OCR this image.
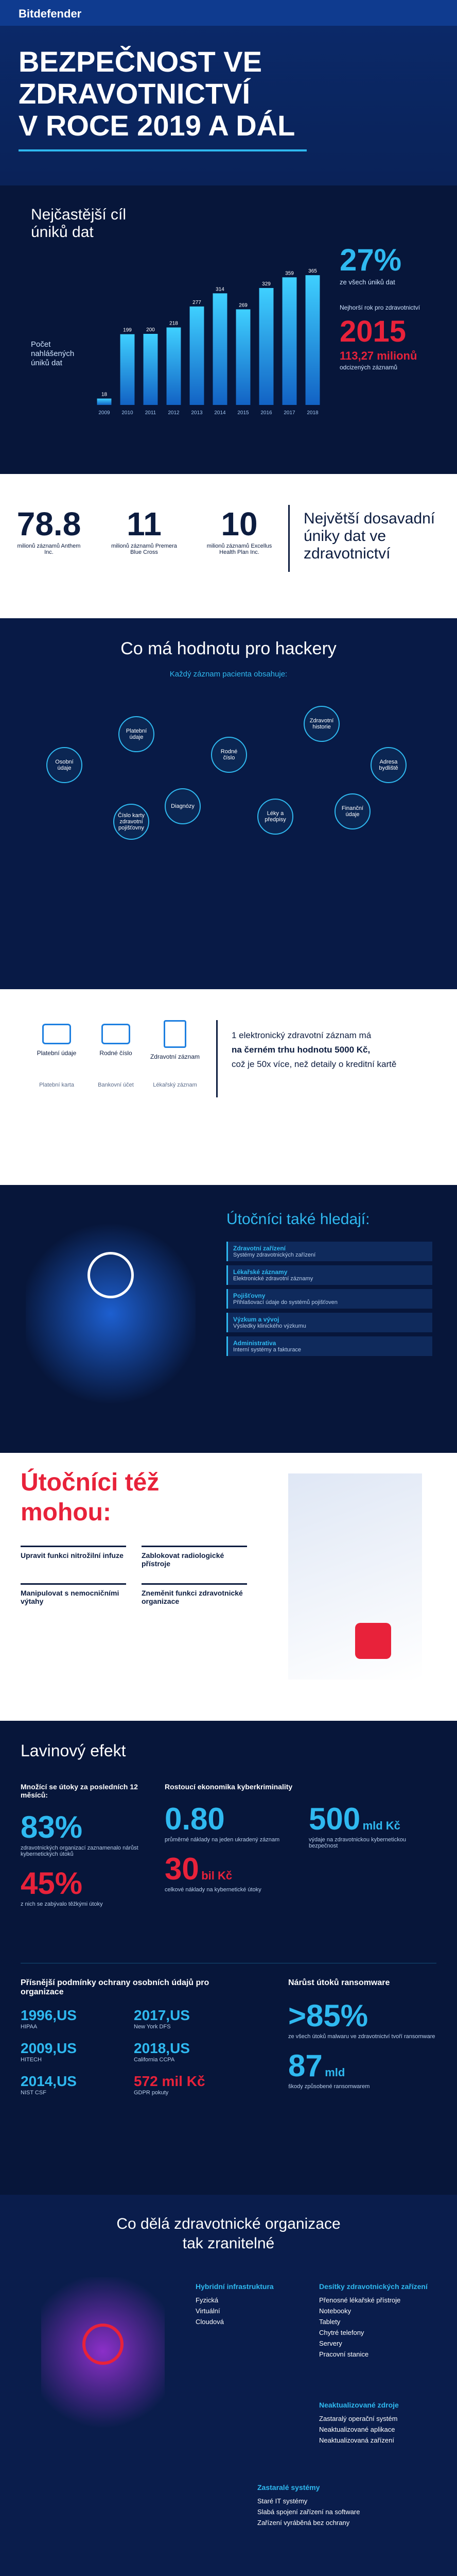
Bitdefender
BEZPEČNOST VE
ZDRAVOTNICTVÍ
V ROCE 2019 A DÁL
Nejčastější cíl úniků dat
Počet nahlášených úniků dat
18
2009
199
2010
200
2011
218
2012
277
2013
314
2014
269
2015
329
2016
359
2017
365
2018
27%
ze všech úniků dat
Nejhorší rok pro zdravotnictví
2015
113,27 milionů
odcizených záznamů
78.8
milionů záznamů Anthem Inc.
11
milionů záznamů Premera Blue Cross
10
milionů záznamů Excellus Health Plan Inc.
Největší dosavadní úniky dat ve zdravotnictví
Co má hodnotu pro hackery
Každý záznam pacienta obsahuje:
Osobní údaje
Platební údaje
Rodné číslo
Zdravotní historie
Adresa bydliště
Diagnózy
Číslo karty zdravotní pojišťovny
Léky a předpisy
Finanční údaje
Platební údaje	Rodné číslo	Zdravotní záznam
Platební karta	Bankovní účet	Lékařský záznam
1 elektronický zdravotní záznam má
na černém trhu hodnotu 5000 Kč,
což je 50x více, než detaily o kreditní kartě
Útočníci také hledají:
Zdravotní zařízení
Systémy zdravotnických zařízení
Lékařské záznamy
Elektronické zdravotní záznamy
Pojišťovny
Přihlašovací údaje do systémů pojišťoven
Výzkum a vývoj
Výsledky klinického výzkumu
Administrativa
Interní systémy a fakturace
Útočníci též
mohou:
Upravit funkci nitrožilní infuze	Zablokovat radiologické přístroje
Manipulovat s nemocničními výtahy
Zneměnit funkci zdravotnické organizace
Lavinový efekt
Množící se útoky za posledních 12 měsíců:
83%
zdravotnických organizací zaznamenalo nárůst kybernetických útoků
45%
z nich se zabývalo těžkými útoky
Rostoucí ekonomika kyberkriminality
0.80
průměrné náklady na jeden ukradený záznam
30 bil Kč
celkové náklady na kybernetické útoky
500 mld Kč
výdaje na zdravotnickou kybernetickou bezpečnost
Přísnější podmínky ochrany osobních údajů pro organizace
1996,US
HIPAA
2017,US
New York DFS
2009,US
HITECH
2018,US
California CCPA
2014,US
NIST CSF
572 mil Kč
GDPR pokuty
Nárůst útoků ransomware
>85%
ze všech útoků malwaru ve zdravotnictví tvoří ransomware
87 mld
škody způsobené ransomwarem
Co dělá zdravotnické organizace
tak zranitelné
Hybridní infrastruktura
Fyzická
Virtuální
Cloudová
Desítky zdravotnických zařízení
Přenosné lékařské přístroje
Notebooky
Tablety
Chytré telefony
Servery
Pracovní stanice
Neaktualizované zdroje
Zastaralý operační systém
Neaktualizované aplikace
Neaktualizovaná zařízení
Zastaralé systémy
Staré IT systémy
Slabá spojení zařízení na software
Zařízení vyráběná bez ochrany
